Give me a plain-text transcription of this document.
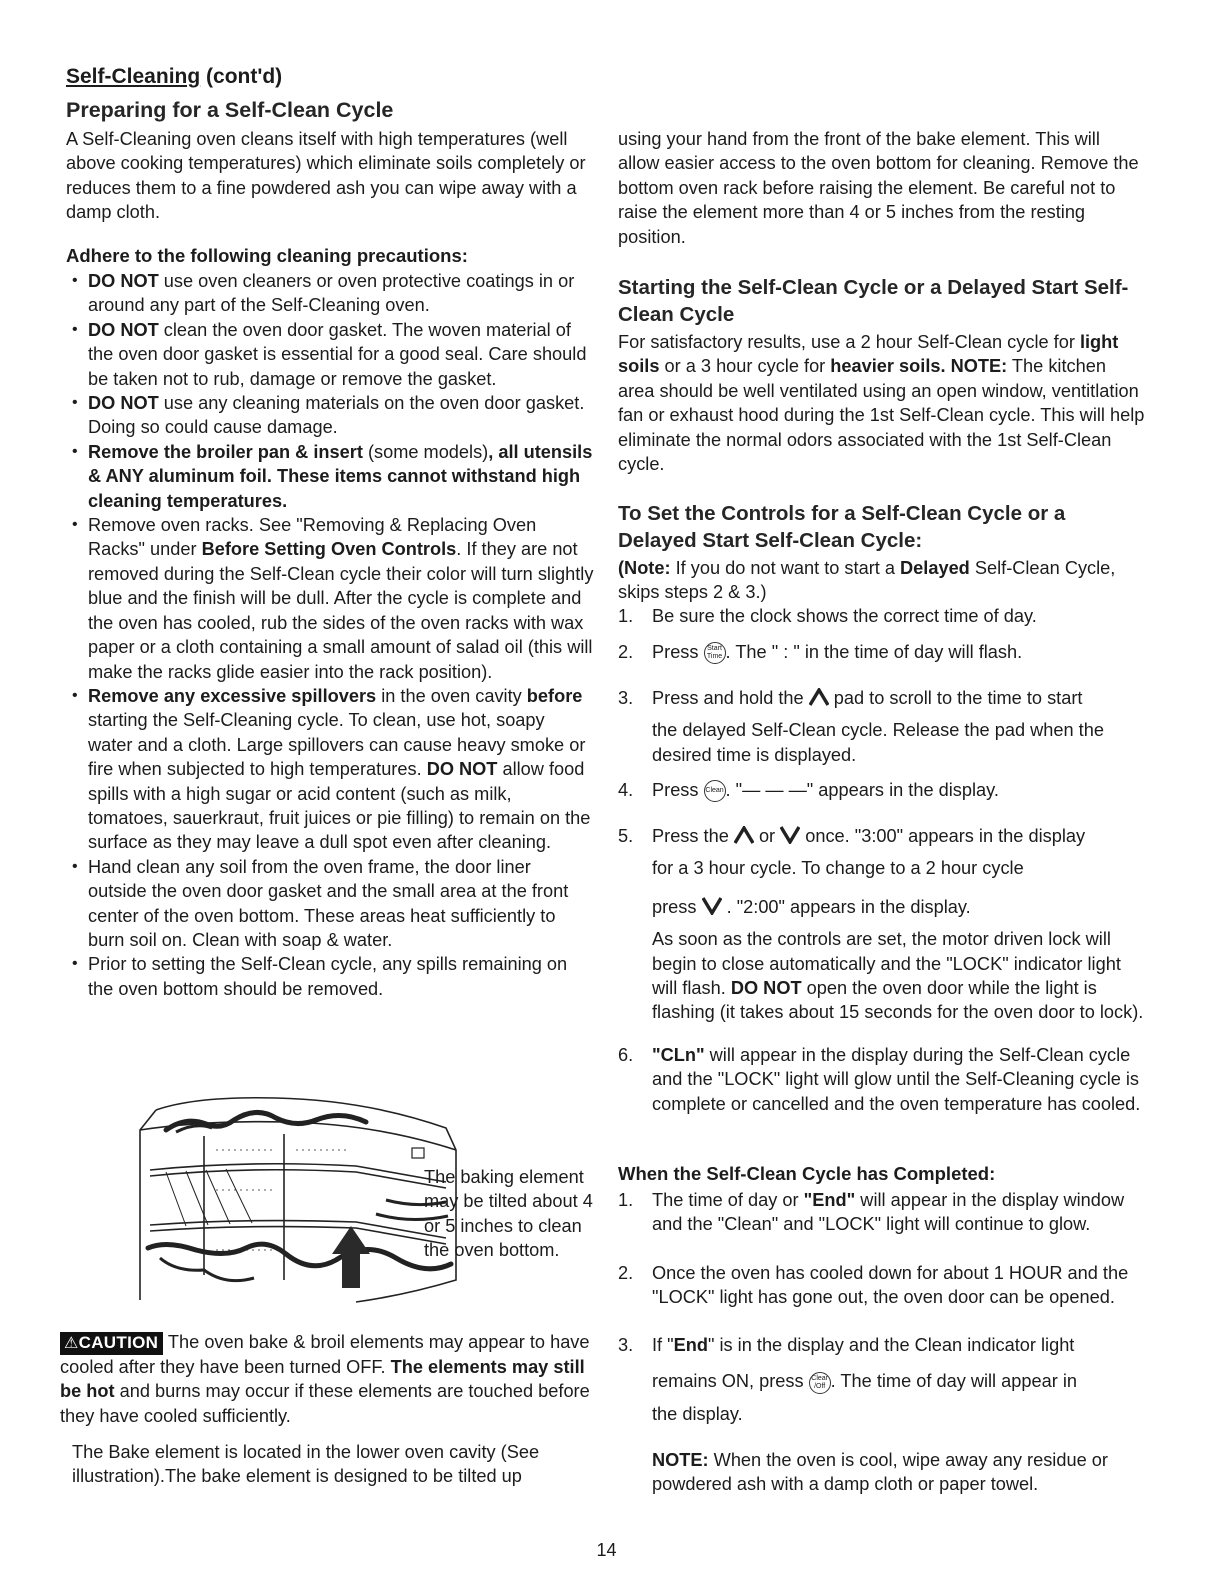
Self-Cleaning (cont'd)
Preparing for a Self-Clean Cycle

A Self-Cleaning oven cleans itself with high temperatures (well above cooking temperatures) which eliminate soils completely or reduces them to a fine powdered ash you can wipe away with a damp cloth.

Adhere to the following cleaning precautions:
• DO NOT use oven cleaners or oven protective coatings in or around any part of the Self-Cleaning oven.
• DO NOT clean the oven door gasket. The woven material of the oven door gasket is essential for a good seal. Care should be taken not to rub, damage or remove the gasket.
• DO NOT use any cleaning materials on the oven door gasket. Doing so could cause damage.
• Remove the broiler pan & insert (some models), all utensils & ANY aluminum foil. These items cannot withstand high cleaning temperatures.
• Remove oven racks. See "Removing & Replacing Oven Racks" under Before Setting Oven Controls. If they are not removed during the Self-Clean cycle their color will turn slightly blue and the finish will be dull. After the cycle is complete and the oven has cooled, rub the sides of the oven racks with wax paper or a cloth containing a small amount of salad oil (this will make the racks glide easier into the rack position).
• Remove any excessive spillovers in the oven cavity before starting the Self-Cleaning cycle. To clean, use hot, soapy water and a cloth. Large spillovers can cause heavy smoke or fire when subjected to high temperatures. DO NOT allow food spills with a high sugar or acid content (such as milk, tomatoes, sauerkraut, fruit juices or pie filling) to remain on the surface as they may leave a dull spot even after cleaning.
• Hand clean any soil from the oven frame, the door liner outside the oven door gasket and the small area at the front center of the oven bottom. These areas heat sufficiently to burn soil on. Clean with soap & water.
• Prior to setting the Self-Clean cycle, any spills remaining on the oven bottom should be removed.

The baking element may be tilted about 4 or 5 inches to clean the oven bottom.

⚠CAUTION The oven bake & broil elements may appear to have cooled after they have been turned OFF. The elements may still be hot and burns may occur if these elements are touched before they have cooled sufficiently.

The Bake element is located in the lower oven cavity (See illustration).The bake element is designed to be tilted up

using your hand from the front of the bake element. This will allow easier access to the oven bottom for cleaning. Remove the bottom oven rack before raising the element. Be careful not to raise the element more than 4 or 5 inches from the resting position.

Starting the Self-Clean Cycle or a Delayed Start Self-Clean Cycle

For satisfactory results, use a 2 hour Self-Clean cycle for light soils or a 3 hour cycle for heavier soils. NOTE: The kitchen area should be well ventilated using an open window, ventitlation fan or exhaust hood during the 1st Self-Clean cycle. This will help eliminate the normal odors associated with the 1st Self-Clean cycle.

To Set the Controls for a Self-Clean Cycle or a Delayed Start Self-Clean Cycle:

(Note: If you do not want to start a Delayed Self-Clean Cycle, skips steps 2 & 3.)

1. Be sure the clock shows the correct time of day.
2. Press Start
Time . The " : " in the time of day will flash.
3. Press and hold the  pad to scroll to the time to start
the delayed Self-Clean cycle. Release the pad when the desired time is displayed.
4. Press Clean . "— — —" appears in the display.
5. Press the  or  once. "3:00" appears in the display
for a 3 hour cycle. To change to a 2 hour cycle
press  . "2:00" appears in the display.
As soon as the controls are set, the motor driven lock will begin to close automatically and the "LOCK" indicator light will flash. DO NOT open the oven door while the light is flashing (it takes about 15 seconds for the oven door to lock).
6.	"CLn" will appear in the display during the Self-Clean cycle and the "LOCK" light will glow until the Self-Cleaning cycle is complete or cancelled and the oven temperature has cooled.
When the Self-Clean Cycle has Completed:
1.	The time of day or "End" will appear in the display window and the "Clean" and "LOCK" light will continue to glow.
2.	Once the oven has cooled down for about 1 HOUR and the "LOCK" light has gone out, the oven door can be opened.
3.	If "End" is in the display and the Clean indicator light
remains ON, press Clear
/Off . The time of day will appear in
the display.
NOTE: When the oven is cool, wipe away any residue or powdered ash with a damp cloth or paper towel.
14
